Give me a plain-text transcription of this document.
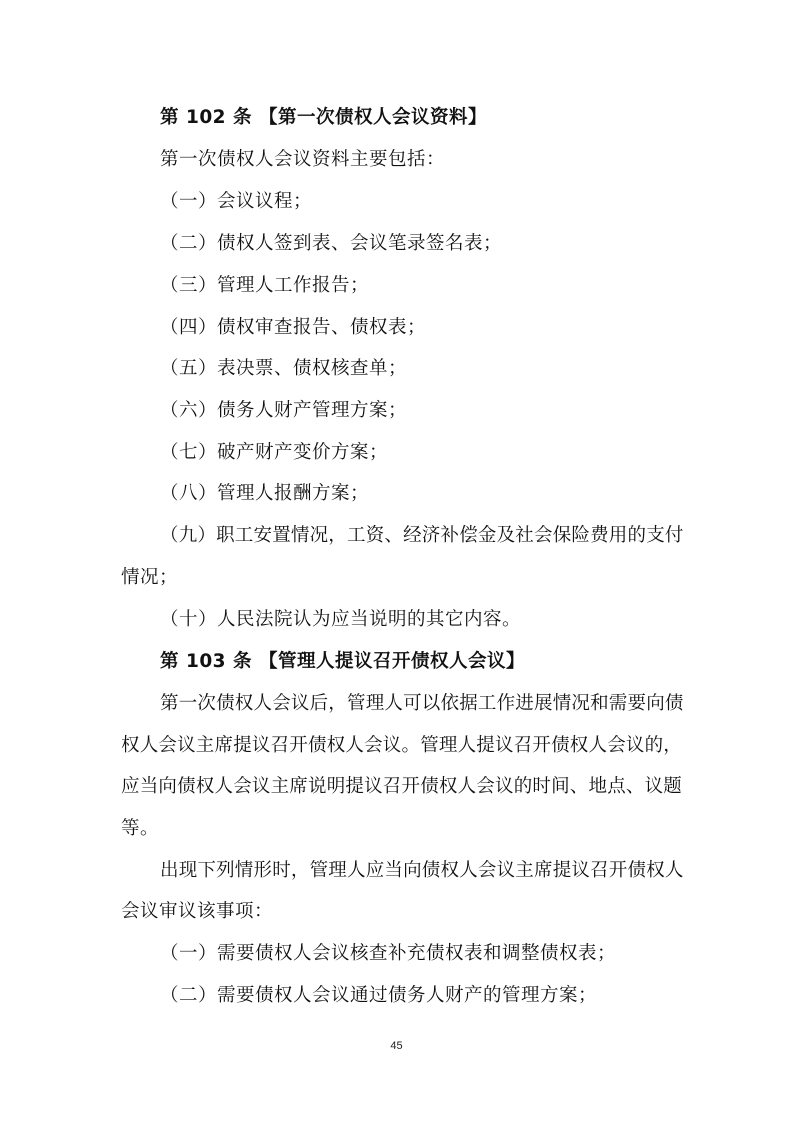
第 102 条 【第一次债权人会议资料】
第一次债权人会议资料主要包括：
（一）会议议程；
（二）债权人签到表、会议笔录签名表；
（三）管理人工作报告；
（四）债权审查报告、债权表；
（五）表决票、债权核查单；
（六）债务人财产管理方案；
（七）破产财产变价方案；
（八）管理人报酬方案；
（九）职工安置情况，工资、经济补偿金及社会保险费用的支付
情况；
（十）人民法院认为应当说明的其它内容。
第 103 条 【管理人提议召开债权人会议】
第一次债权人会议后，管理人可以依据工作进展情况和需要向债
权人会议主席提议召开债权人会议。管理人提议召开债权人会议的，
应当向债权人会议主席说明提议召开债权人会议的时间、地点、议题
等。
出现下列情形时，管理人应当向债权人会议主席提议召开债权人
会议审议该事项：
（一）需要债权人会议核查补充债权表和调整债权表；
（二）需要债权人会议通过债务人财产的管理方案；
45
